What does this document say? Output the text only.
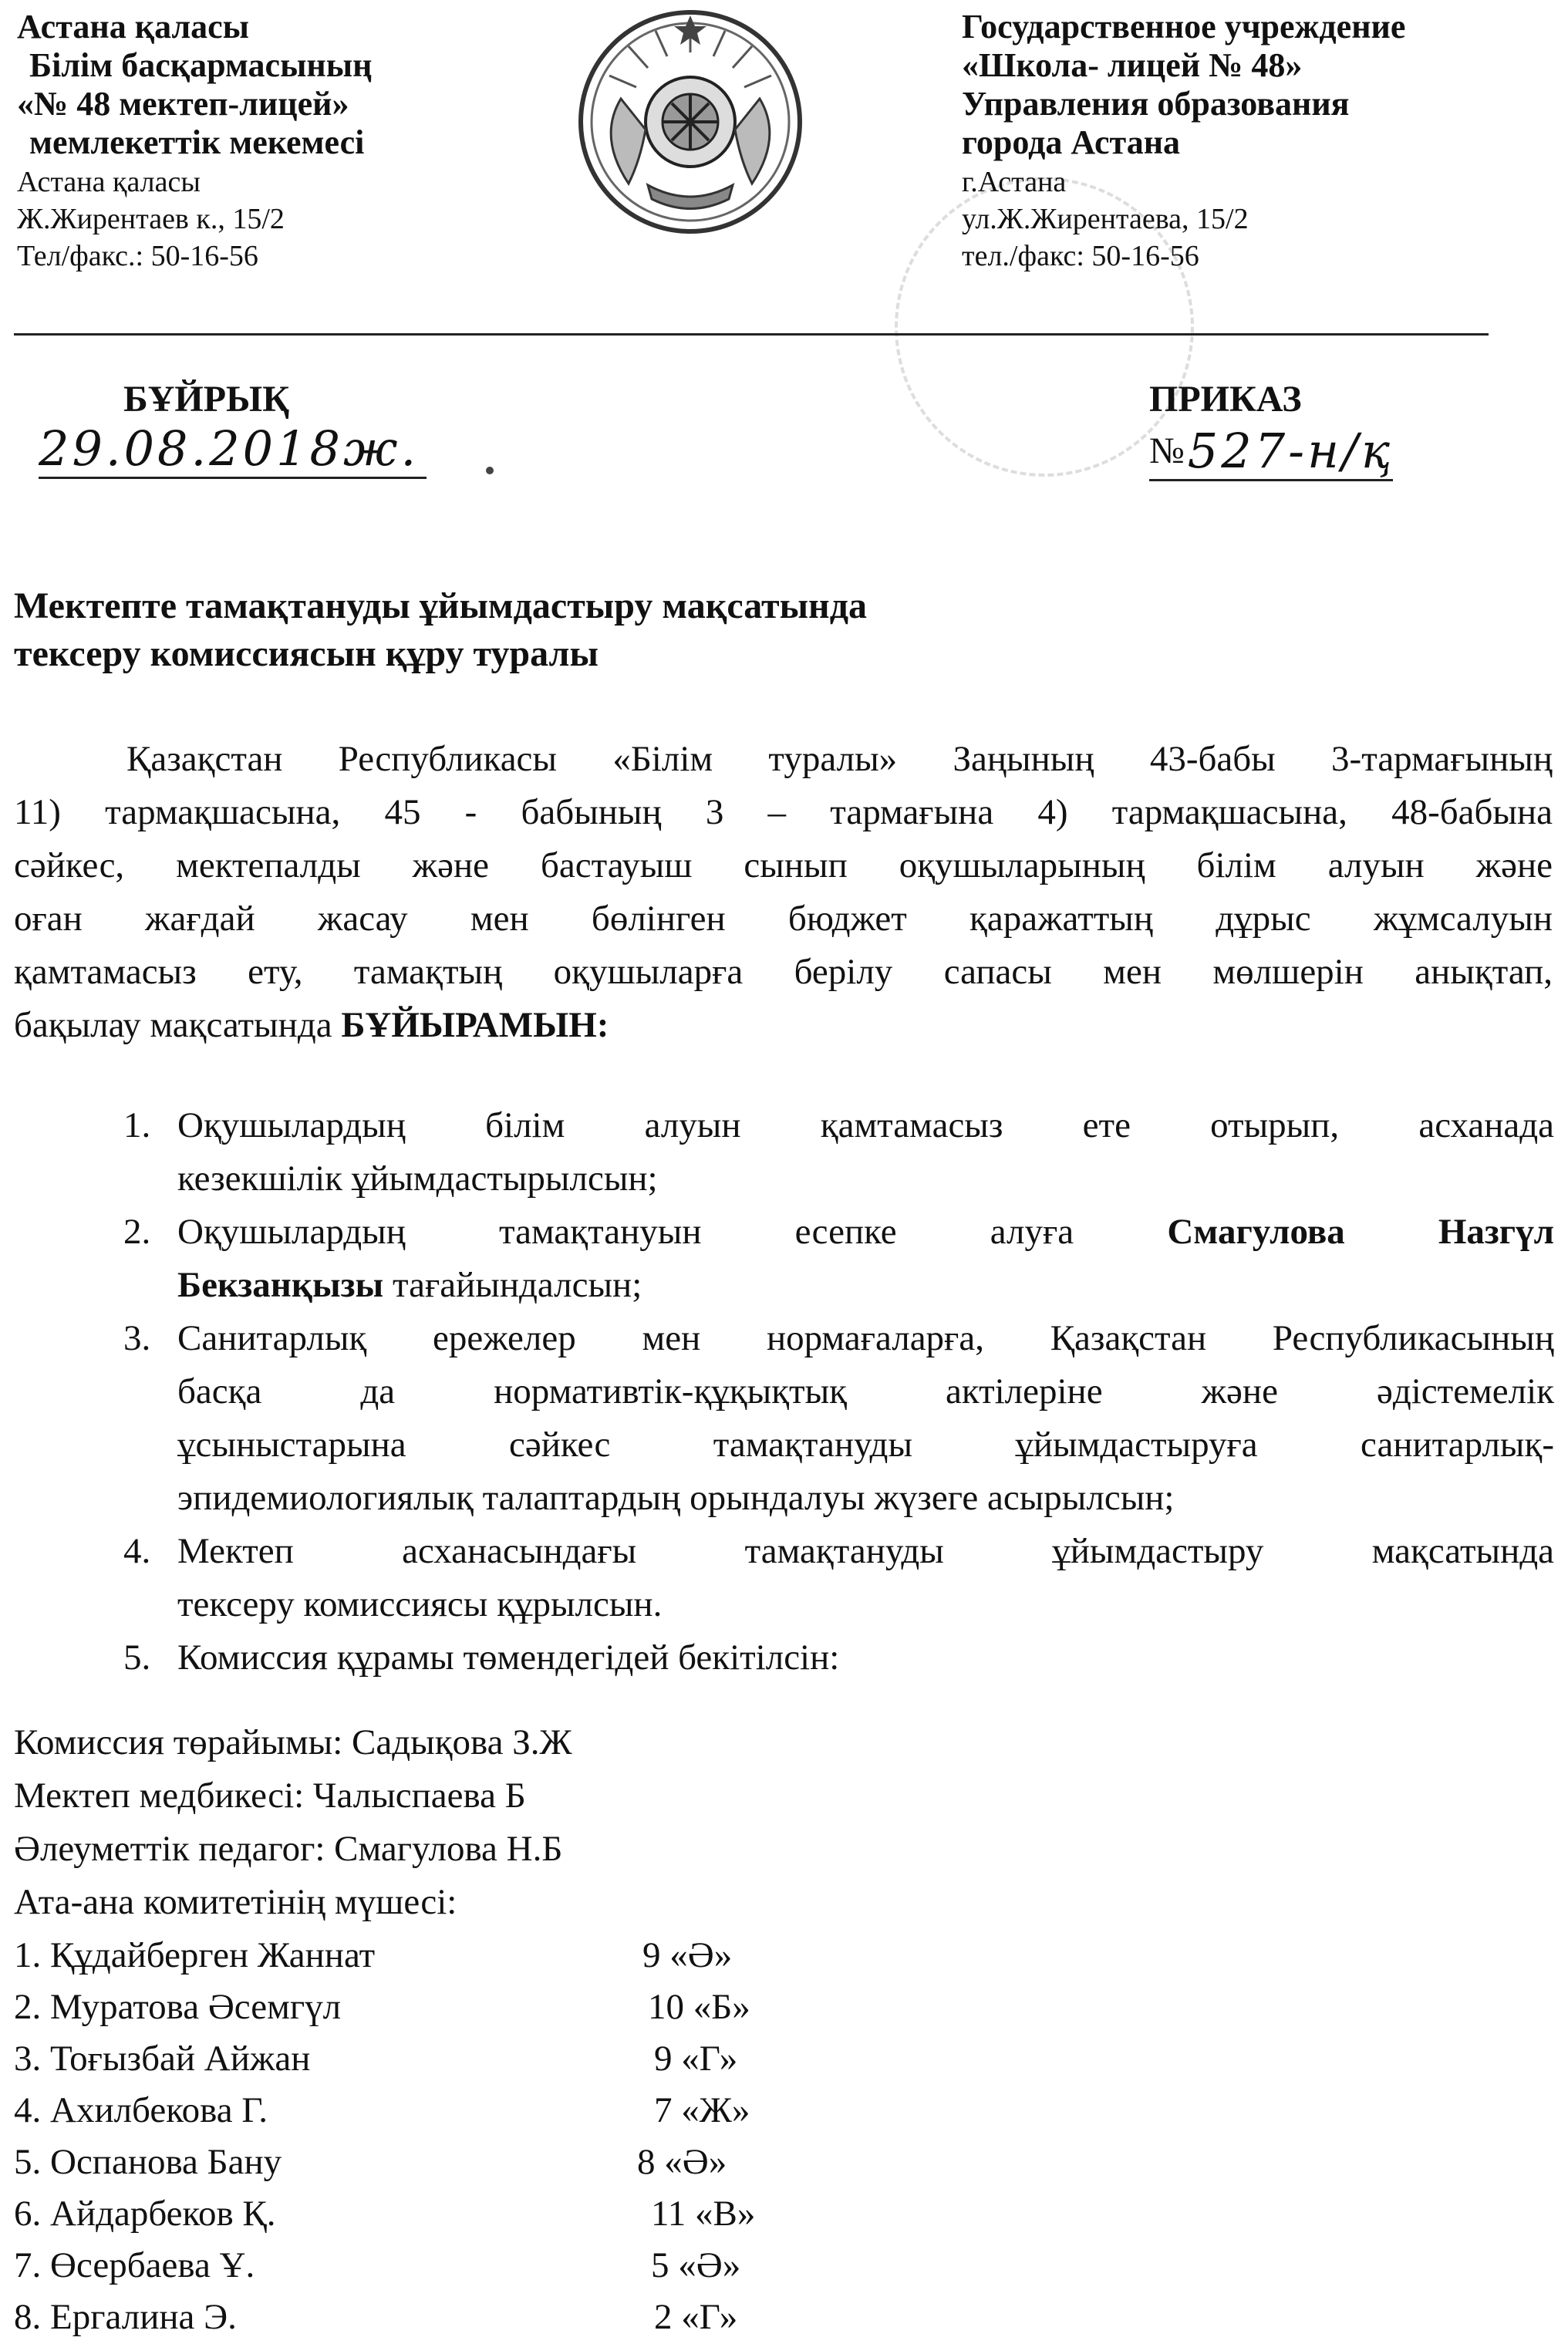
Астана қаласы
Білім басқармасының
«№ 48 мектеп-лицей»
мемлекеттік мекемесі
Астана қаласы
Ж.Жирентаев к., 15/2
Тел/факс.: 50-16-56
Государственное учреждение
«Школа- лицей № 48»
Управления образования
города Астана
г.Астана
ул.Ж.Жирентаева, 15/2
тел./факс: 50-16-56
БҰЙРЫҚ
29.08.2018ж.
ПРИКАЗ
№ 527-н/қ
Мектепте тамақтануды ұйымдастыру мақсатында
тексеру комиссиясын құру туралы
Қазақстан Республикасы «Білім туралы» Заңының 43-бабы 3-тармағының
11) тармақшасына, 45 - бабының 3 – тармағына 4) тармақшасына, 48-бабына
сәйкес, мектепалды және бастауыш сынып оқушыларының білім алуын және
оған жағдай жасау мен бөлінген бюджет қаражаттың дұрыс жұмсалуын
қамтамасыз ету, тамақтың оқушыларға берілу сапасы мен мөлшерін анықтап,
бақылау мақсатында БҰЙЫРАМЫН:
1. Оқушылардың білім алуын қамтамасыз ете отырып, асханада
кезекшілік ұйымдастырылсын;
2. Оқушылардың тамақтануын есепке алуға Смагулова Назгүл
Бекзанқызы тағайындалсын;
3. Санитарлық ережелер мен нормағаларға, Қазақстан Республикасының
басқа да нормативтік-құқықтық актілеріне және әдістемелік
ұсыныстарына сәйкес тамақтануды ұйымдастыруға санитарлық-
эпидемиологиялық талаптардың орындалуы жүзеге асырылсын;
4. Мектеп асханасындағы тамақтануды ұйымдастыру мақсатында
тексеру комиссиясы құрылсын.
5. Комиссия құрамы төмендегідей бекітілсін:
Комиссия төрайымы: Садықова З.Ж
Мектеп медбикесі: Чалыспаева Б
Әлеуметтік педагог: Смагулова Н.Б
Ата-ана комитетінің мүшесі:
1. Құдайберген Жаннат	9 «Ә»
2. Муратова Әсемгүл	10 «Б»
3. Тоғызбай Айжан	9 «Г»
4. Ахилбекова Г.	7 «Ж»
5. Оспанова Бану	8 «Ә»
6. Айдарбеков Қ.	11 «В»
7. Өсербаева Ұ.	5 «Ә»
8. Ергалина Э.	2 «Г»
